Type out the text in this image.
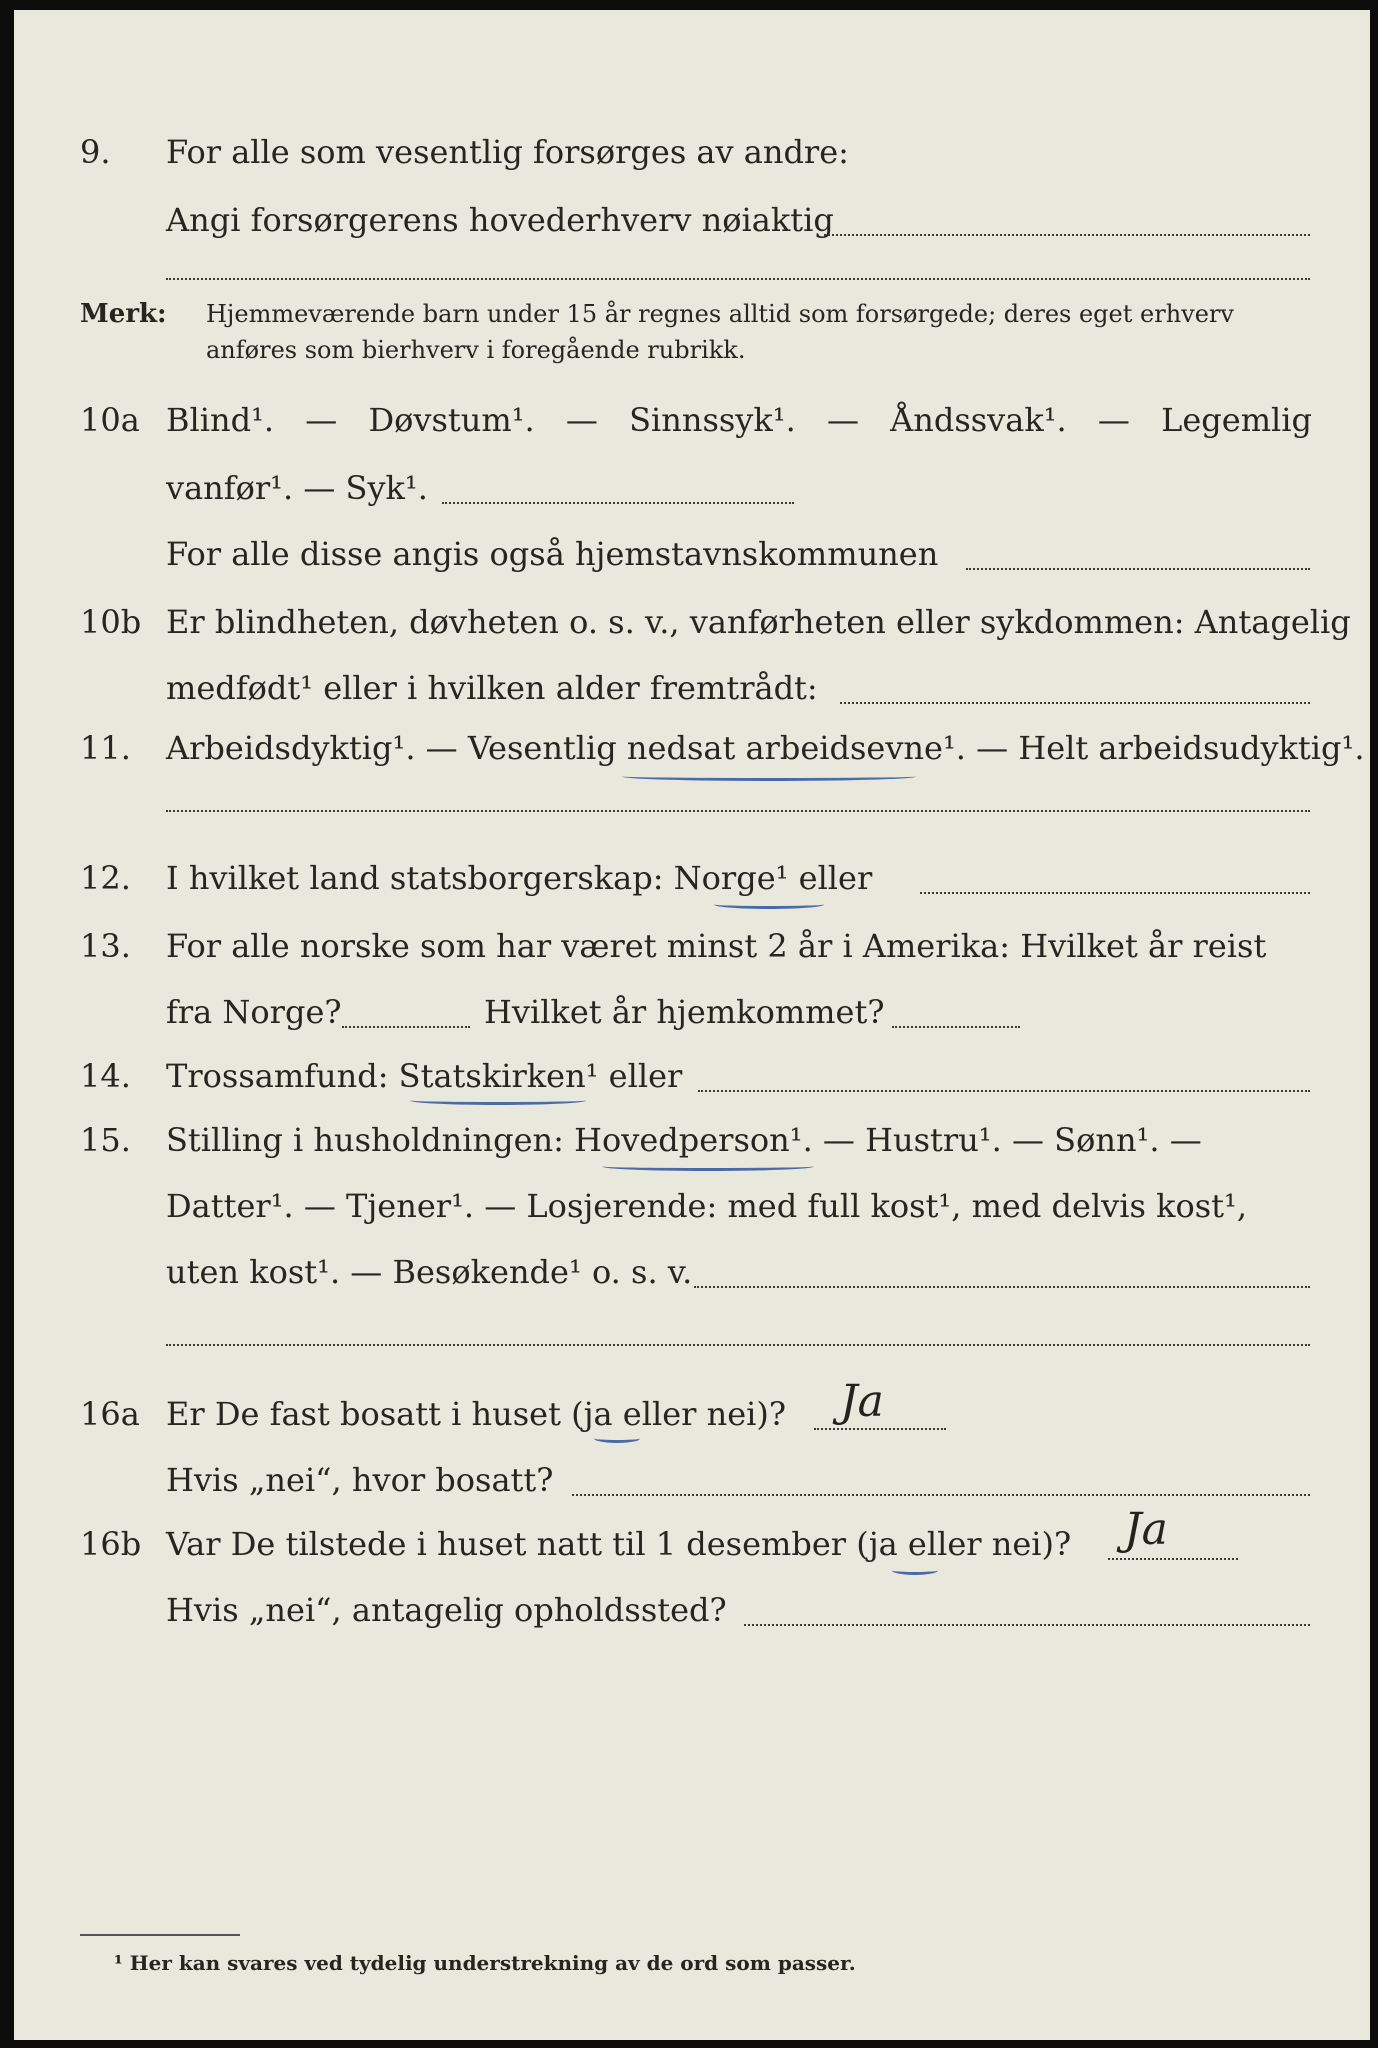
9. For alle som vesentlig forsørges av andre:
Angi forsørgerens hovederhverv nøiaktig
Merk: Hjemmeværende barn under 15 år regnes alltid som forsørgede; deres eget erhverv
anføres som bierhverv i foregående rubrikk.
10a Blind¹. — Døvstum¹. — Sinnssyk¹. — Åndssvak¹. — Legemlig
vanfør¹. — Syk¹.
For alle disse angis også hjemstavnskommunen
10b Er blindheten, døvheten o. s. v., vanførheten eller sykdommen: Antagelig
medfødt¹ eller i hvilken alder fremtrådt:
11. Arbeidsdyktig¹. — Vesentlig nedsat arbeidsevne¹. — Helt arbeidsudyktig¹.
12. I hvilket land statsborgerskap: Norge¹ eller
13. For alle norske som har været minst 2 år i Amerika: Hvilket år reist
fra Norge?	Hvilket år hjemkommet?
14. Trossamfund: Statskirken¹ eller
15. Stilling i husholdningen: Hovedperson¹. — Hustru¹. — Sønn¹. —
Datter¹. — Tjener¹. — Losjerende: med full kost¹, med delvis kost¹,
uten kost¹. — Besøkende¹ o. s. v.
16a Er De fast bosatt i huset (ja eller nei)? Ja
Hvis „nei“, hvor bosatt?
16b Var De tilstede i huset natt til 1 desember (ja eller nei)? Ja
Hvis „nei“, antagelig opholdssted?
¹ Her kan svares ved tydelig understrekning av de ord som passer.
